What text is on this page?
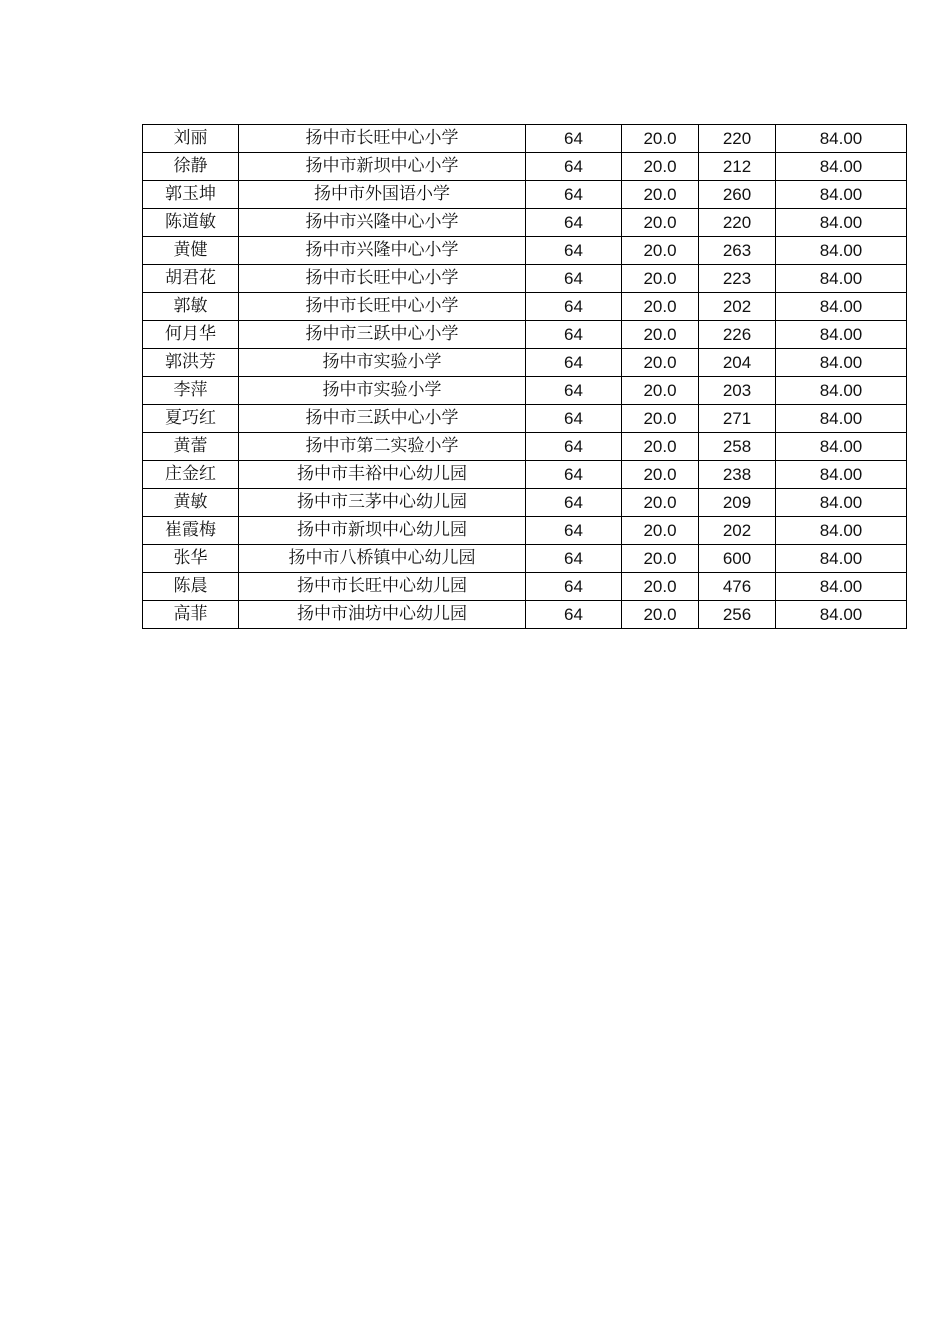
刘丽	扬中市长旺中心小学	64	20.0	220	84.00
徐静	扬中市新坝中心小学	64	20.0	212	84.00
郭玉坤	扬中市外国语小学	64	20.0	260	84.00
陈道敏	扬中市兴隆中心小学	64	20.0	220	84.00
黄健	扬中市兴隆中心小学	64	20.0	263	84.00
胡君花	扬中市长旺中心小学	64	20.0	223	84.00
郭敏	扬中市长旺中心小学	64	20.0	202	84.00
何月华	扬中市三跃中心小学	64	20.0	226	84.00
郭洪芳	扬中市实验小学	64	20.0	204	84.00
李萍	扬中市实验小学	64	20.0	203	84.00
夏巧红	扬中市三跃中心小学	64	20.0	271	84.00
黄蕾	扬中市第二实验小学	64	20.0	258	84.00
庄金红	扬中市丰裕中心幼儿园	64	20.0	238	84.00
黄敏	扬中市三茅中心幼儿园	64	20.0	209	84.00
崔霞梅	扬中市新坝中心幼儿园	64	20.0	202	84.00
张华	扬中市八桥镇中心幼儿园	64	20.0	600	84.00
陈晨	扬中市长旺中心幼儿园	64	20.0	476	84.00
高菲	扬中市油坊中心幼儿园	64	20.0	256	84.00
